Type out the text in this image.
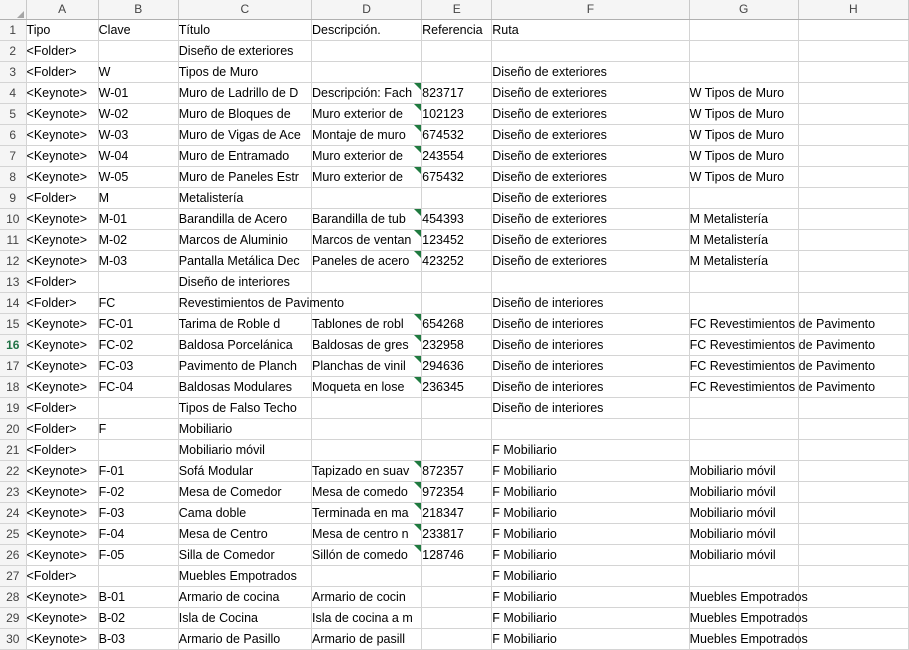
	A	B	C	D	E	F	G	H
1	Tipo	Clave	Título	Descripción.	Referencia	Ruta		
2	<Folder>		Diseño de exteriores					
3	<Folder>	W	Tipos de Muro			Diseño de exteriores		
4	<Keynote>	W-01	Muro de Ladrillo de D	Descripción: Fach	823717	Diseño de exteriores	W Tipos de Muro	
5	<Keynote>	W-02	Muro de Bloques de	Muro exterior de	102123	Diseño de exteriores	W Tipos de Muro	
6	<Keynote>	W-03	Muro de Vigas de Ace	Montaje de muro	674532	Diseño de exteriores	W Tipos de Muro	
7	<Keynote>	W-04	Muro de Entramado	Muro exterior de	243554	Diseño de exteriores	W Tipos de Muro	
8	<Keynote>	W-05	Muro de Paneles Estr	Muro exterior de	675432	Diseño de exteriores	W Tipos de Muro	
9	<Folder>	M	Metalistería			Diseño de exteriores		
10	<Keynote>	M-01	Barandilla de Acero	Barandilla de tub	454393	Diseño de exteriores	M Metalistería	
11	<Keynote>	M-02	Marcos de Aluminio	Marcos de ventan	123452	Diseño de exteriores	M Metalistería	
12	<Keynote>	M-03	Pantalla Metálica Dec	Paneles de acero	423252	Diseño de exteriores	M Metalistería	
13	<Folder>		Diseño de interiores					
14	<Folder>	FC	Revestimientos de Pavimento			Diseño de interiores		
15	<Keynote>	FC-01	Tarima de Roble d	Tablones de robl	654268	Diseño de interiores	FC Revestimientos de Pavimento	
16	<Keynote>	FC-02	Baldosa Porcelánica	Baldosas de gres	232958	Diseño de interiores	FC Revestimientos de Pavimento	
17	<Keynote>	FC-03	Pavimento de Planch	Planchas de vinil	294636	Diseño de interiores	FC Revestimientos de Pavimento	
18	<Keynote>	FC-04	Baldosas Modulares	Moqueta en lose	236345	Diseño de interiores	FC Revestimientos de Pavimento	
19	<Folder>		Tipos de Falso Techo			Diseño de interiores		
20	<Folder>	F	Mobiliario					
21	<Folder>		Mobiliario móvil			F Mobiliario		
22	<Keynote>	F-01	Sofá Modular	Tapizado en suav	872357	F Mobiliario	Mobiliario móvil	
23	<Keynote>	F-02	Mesa de Comedor	Mesa de comedo	972354	F Mobiliario	Mobiliario móvil	
24	<Keynote>	F-03	Cama doble	Terminada en ma	218347	F Mobiliario	Mobiliario móvil	
25	<Keynote>	F-04	Mesa de Centro	Mesa de centro n	233817	F Mobiliario	Mobiliario móvil	
26	<Keynote>	F-05	Silla de Comedor	Sillón de comedo	128746	F Mobiliario	Mobiliario móvil	
27	<Folder>		Muebles Empotrados			F Mobiliario		
28	<Keynote>	B-01	Armario de cocina	Armario de cocin		F Mobiliario	Muebles Empotrados	
29	<Keynote>	B-02	Isla de Cocina	Isla de cocina a m		F Mobiliario	Muebles Empotrados	
30	<Keynote>	B-03	Armario de Pasillo	Armario de pasill		F Mobiliario	Muebles Empotrados	
